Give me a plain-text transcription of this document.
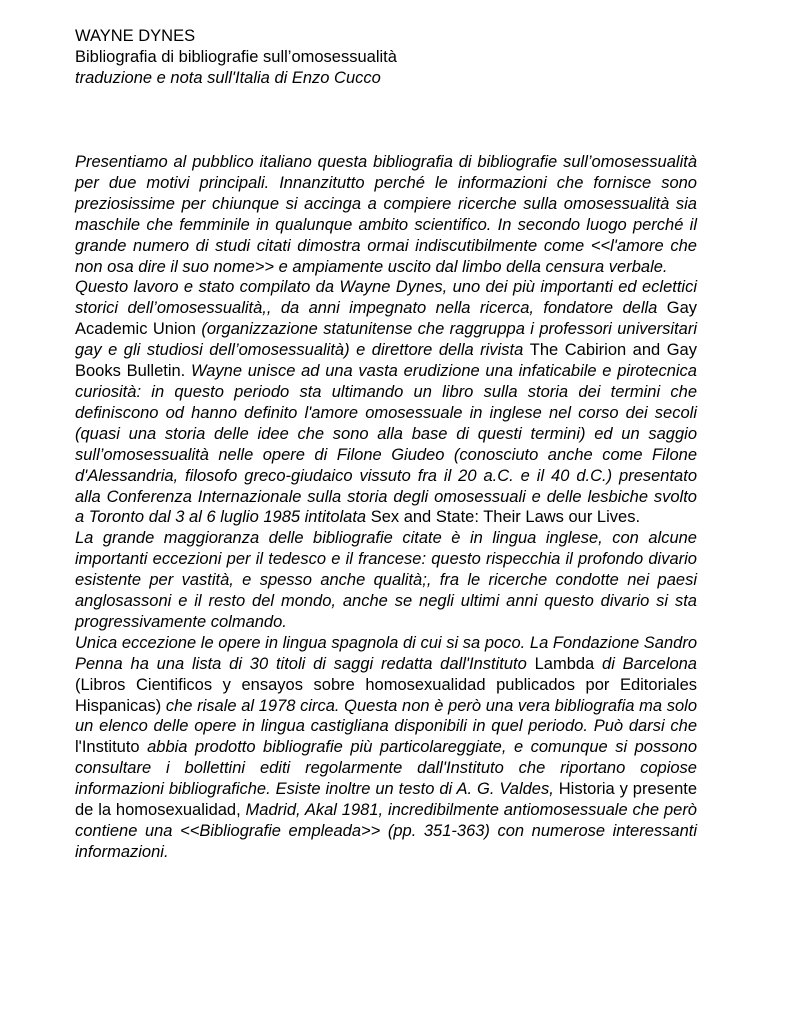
WAYNE DYNES
Bibliografia di bibliografie sull’omosessualità
traduzione e nota sull'Italia di Enzo Cucco

Presentiamo al pubblico italiano questa bibliografia di bibliografie sull’omosessualità per due motivi principali. Innanzitutto perché le informazioni che fornisce sono preziosissime per chiunque si accinga a compiere ricerche sulla omosessualità sia maschile che femminile in qualunque ambito scientifico. In secondo luogo perché il grande numero di studi citati dimostra ormai indiscutibilmente come <<l'amore che non osa dire il suo nome>> e ampiamente uscito dal limbo della censura verbale.

Questo lavoro e stato compilato da Wayne Dynes, uno dei più importanti ed eclettici storici dell’omosessualità,, da anni impegnato nella ricerca, fondatore della Gay Academic Union (organizzazione statunitense che raggruppa i professori universitari gay e gli studiosi dell’omosessualità) e direttore della rivista The Cabirion and Gay Books Bulletin. Wayne unisce ad una vasta erudizione una infaticabile e pirotecnica curiosità: in questo periodo sta ultimando un libro sulla storia dei termini che definiscono od hanno definito l'amore omosessuale in inglese nel corso dei secoli (quasi una storia delle idee che sono alla base di questi termini) ed un saggio sull’omosessualità nelle opere di Filone Giudeo (conosciuto anche come Filone d'Alessandria, filosofo greco-giudaico vissuto fra il 20 a.C. e il 40 d.C.) presentato alla Conferenza Internazionale sulla storia degli omosessuali e delle lesbiche svolto a Toronto dal 3 al 6 luglio 1985 intitolata Sex and State: Their Laws our Lives.

La grande maggioranza delle bibliografie citate è in lingua inglese, con alcune importanti eccezioni per il tedesco e il francese: questo rispecchia il profondo divario esistente per vastità, e spesso anche qualità;, fra le ricerche condotte nei paesi anglosassoni e il resto del mondo, anche se negli ultimi anni questo divario si sta progressivamente colmando.

Unica eccezione le opere in lingua spagnola di cui si sa poco. La Fondazione Sandro Penna ha una lista di 30 titoli di saggi redatta dall'Instituto Lambda di Barcelona (Libros Cientificos y ensayos sobre homosexualidad publicados por Editoriales Hispanicas) che risale al 1978 circa. Questa non è però una vera bibliografia ma solo un elenco delle opere in lingua castigliana disponibili in quel periodo. Può darsi che l'Instituto abbia prodotto bibliografie più particolareggiate, e comunque si possono consultare i bollettini editi regolarmente dall'Instituto che riportano copiose informazioni bibliografiche. Esiste inoltre un testo di A. G. Valdes, Historia y presente de la homosexualidad, Madrid, Akal 1981, incredibilmente antiomosessuale che però contiene una <<Bibliografie empleada>> (pp. 351-363) con numerose interessanti informazioni.
